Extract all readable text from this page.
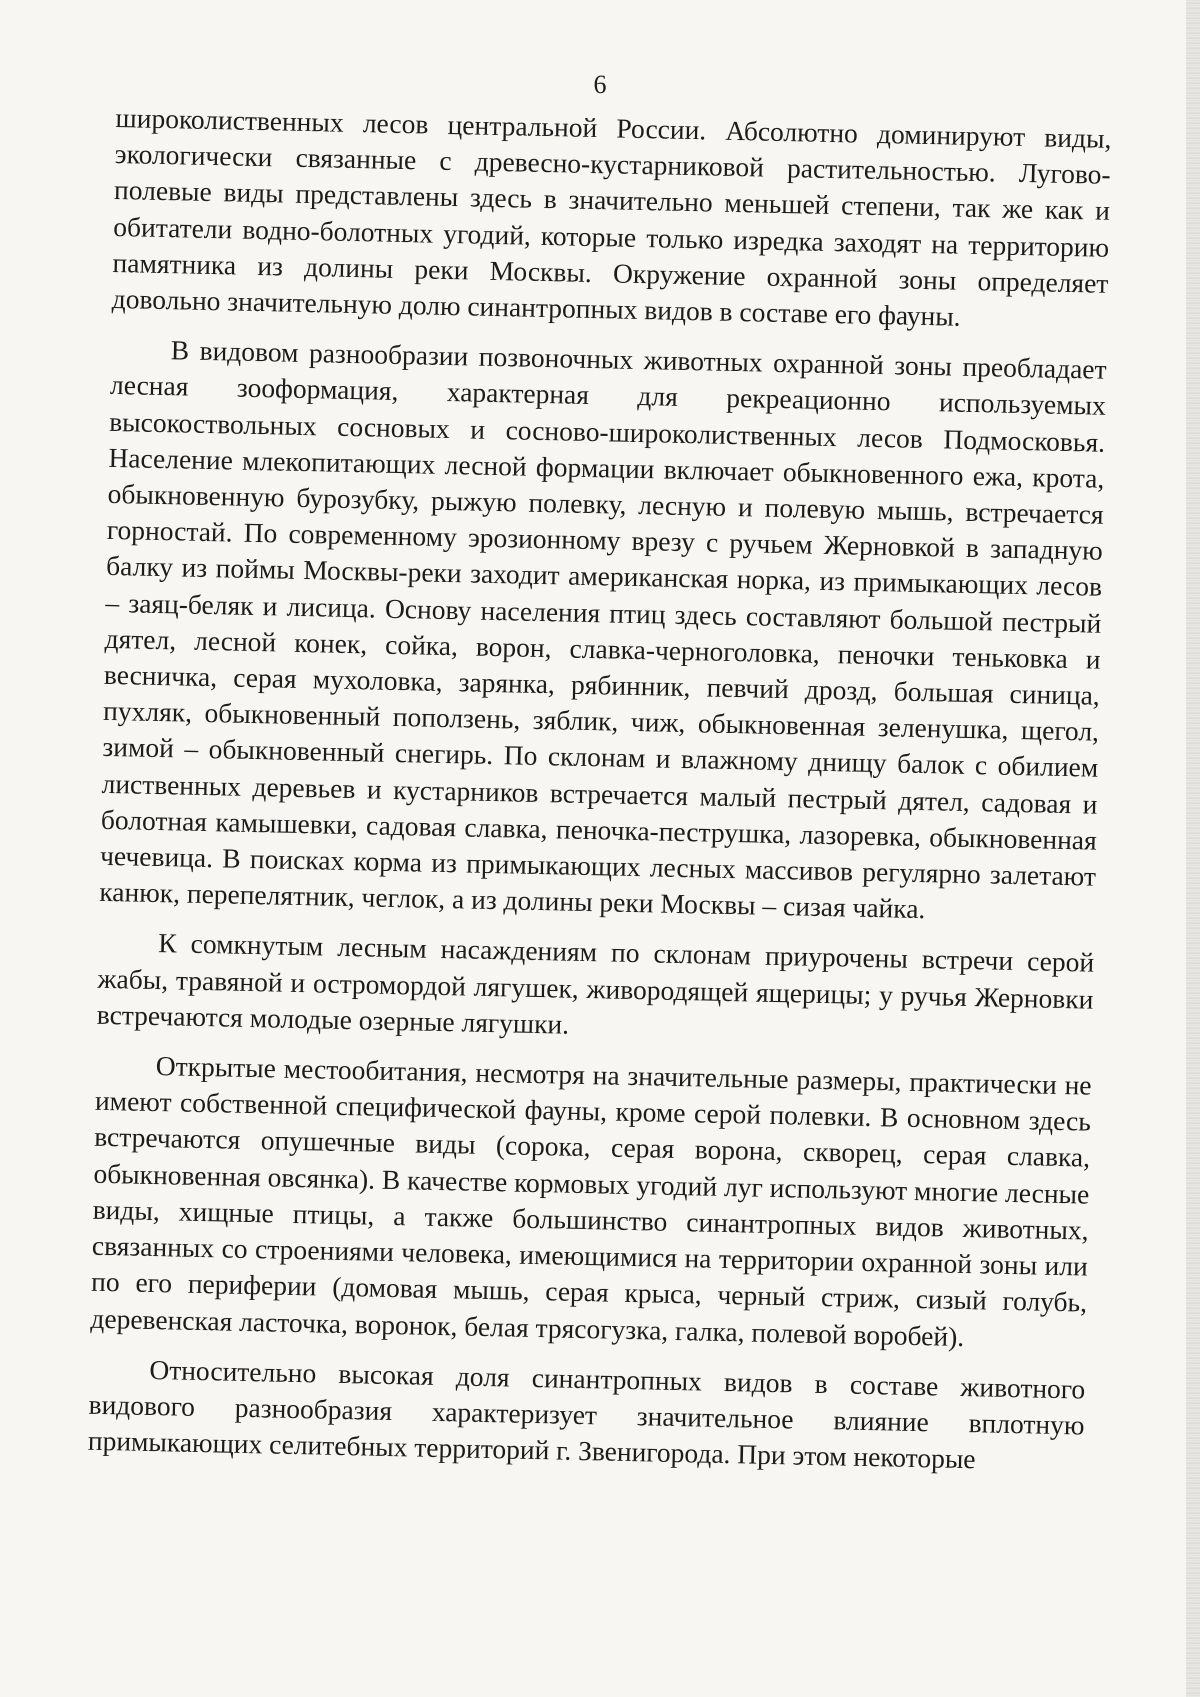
6

широколиственных лесов центральной России. Абсолютно доминируют виды, экологически связанные с древесно-кустарниковой растительностью. Лугово-полевые виды представлены здесь в значительно меньшей степени, так же как и обитатели водно-болотных угодий, которые только изредка заходят на территорию памятника из долины реки Москвы. Окружение охранной зоны определяет довольно значительную долю синантропных видов в составе его фауны.

В видовом разнообразии позвоночных животных охранной зоны преобладает лесная зооформация, характерная для рекреационно используемых высокоствольных сосновых и сосново-широколиственных лесов Подмосковья. Население млекопитающих лесной формации включает обыкновенного ежа, крота, обыкновенную бурозубку, рыжую полевку, лесную и полевую мышь, встречается горностай. По современному эрозионному врезу с ручьем Жерновкой в западную балку из поймы Москвы-реки заходит американская норка, из примыкающих лесов – заяц-беляк и лисица. Основу населения птиц здесь составляют большой пестрый дятел, лесной конек, сойка, ворон, славка-черноголовка, пеночки теньковка и весничка, серая мухоловка, зарянка, рябинник, певчий дрозд, большая синица, пухляк, обыкновенный поползень, зяблик, чиж, обыкновенная зеленушка, щегол, зимой – обыкновенный снегирь. По склонам и влажному днищу балок с обилием лиственных деревьев и кустарников встречается малый пестрый дятел, садовая и болотная камышевки, садовая славка, пеночка-пеструшка, лазоревка, обыкновенная чечевица. В поисках корма из примыкающих лесных массивов регулярно залетают канюк, перепелятник, чеглок, а из долины реки Москвы – сизая чайка.

К сомкнутым лесным насаждениям по склонам приурочены встречи серой жабы, травяной и остромордой лягушек, живородящей ящерицы; у ручья Жерновки встречаются молодые озерные лягушки.

Открытые местообитания, несмотря на значительные размеры, практически не имеют собственной специфической фауны, кроме серой полевки. В основном здесь встречаются опушечные виды (сорока, серая ворона, скворец, серая славка, обыкновенная овсянка). В качестве кормовых угодий луг используют многие лесные виды, хищные птицы, а также большинство синантропных видов животных, связанных со строениями человека, имеющимися на территории охранной зоны или по его периферии (домовая мышь, серая крыса, черный стриж, сизый голубь, деревенская ласточка, воронок, белая трясогузка, галка, полевой воробей).

Относительно высокая доля синантропных видов в составе животного видового разнообразия характеризует значительное влияние вплотную примыкающих селитебных территорий г. Звенигорода. При этом некоторые
